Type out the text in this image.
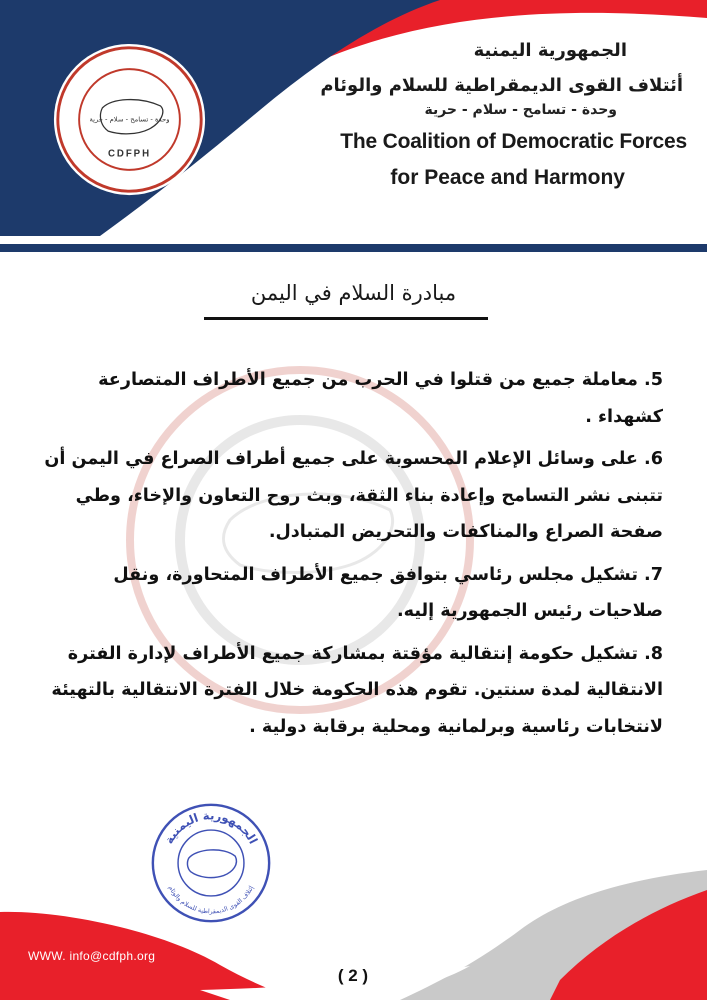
وحدة - تسامح - سلام - حرية
CDFPH
الجمهورية اليمنية
أئتلاف القوى الديمقراطية للسلام والوئام
وحدة - تسامح - سلام - حرية
The Coalition of Democratic Forces
for Peace and Harmony
مبادرة السلام في اليمن

5. معاملة جميع من قتلوا في الحرب من جميع الأطراف المتصارعة كشهداء .

6. على وسائل الإعلام المحسوبة على جميع أطراف الصراع في اليمن أن تتبنى نشر التسامح وإعادة بناء الثقة، وبث روح التعاون والإخاء، وطي صفحة الصراع والمناكفات والتحريض المتبادل.

7. تشكيل مجلس رئاسي بتوافق جميع الأطراف المتحاورة، ونقل صلاحيات رئيس الجمهورية إليه.

8. تشكيل حكومة إنتقالية مؤقتة بمشاركة جميع الأطراف لإدارة الفترة الانتقالية لمدة سنتين. تقوم هذه الحكومة خلال الفترة الانتقالية بالتهيئة لانتخابات رئاسية وبرلمانية ومحلية برقابة دولية .

الجمهورية اليمنية
إئتلاف القوى الديمقراطية للسلام والوئام
WWW. info@cdfph.org
( 2 )
